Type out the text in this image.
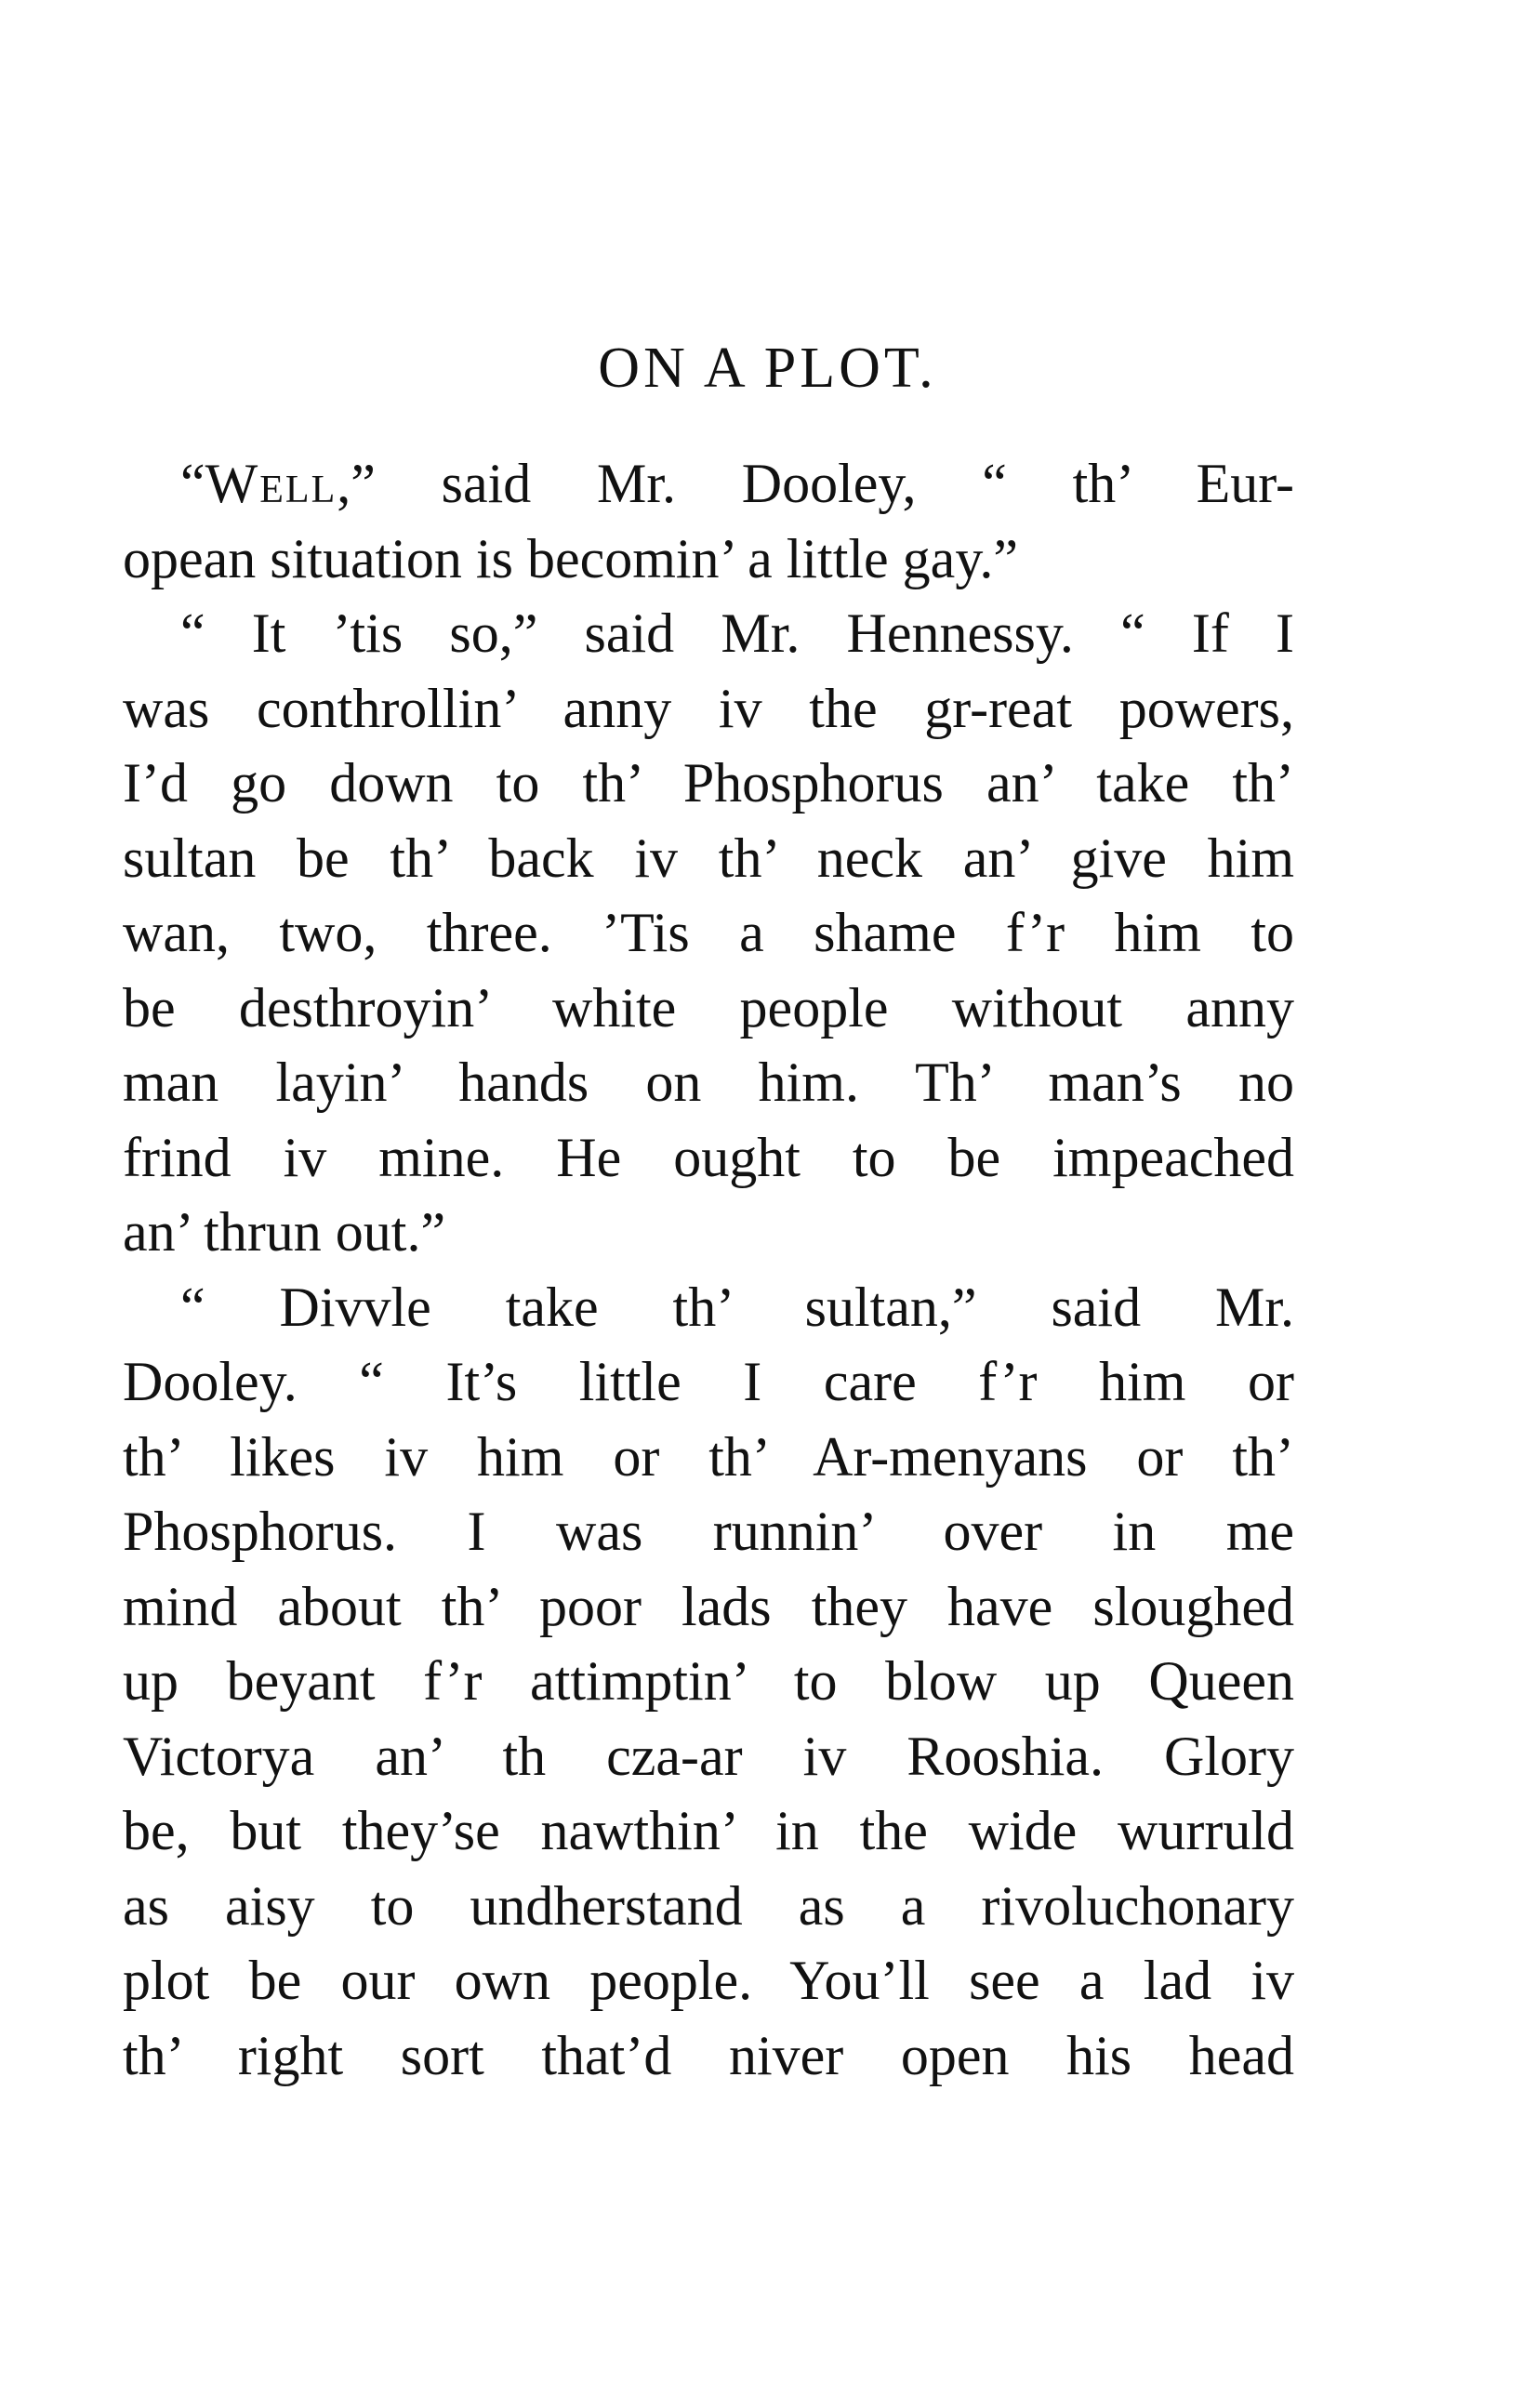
ON A PLOT.
“Well,” said Mr. Dooley, “ th’ Eur-
opean situation is becomin’ a little gay.”
“ It ’tis so,” said Mr. Hennessy. “ If I
was conthrollin’ anny iv the gr-reat powers,
I’d go down to th’ Phosphorus an’ take th’
sultan be th’ back iv th’ neck an’ give him
wan, two, three. ’Tis a shame f’r him to
be desthroyin’ white people without anny
man layin’ hands on him. Th’ man’s no
frind iv mine. He ought to be impeached
an’ thrun out.”
“ Divvle take th’ sultan,” said Mr.
Dooley. “ It’s little I care f’r him or
th’ likes iv him or th’ Ar-menyans or th’
Phosphorus. I was runnin’ over in me
mind about th’ poor lads they have sloughed
up beyant f’r attimptin’ to blow up Queen
Victorya an’ th cza-ar iv Rooshia. Glory
be, but they’se nawthin’ in the wide wurruld
as aisy to undherstand as a rivoluchonary
plot be our own people. You’ll see a lad iv
th’ right sort that’d niver open his head
